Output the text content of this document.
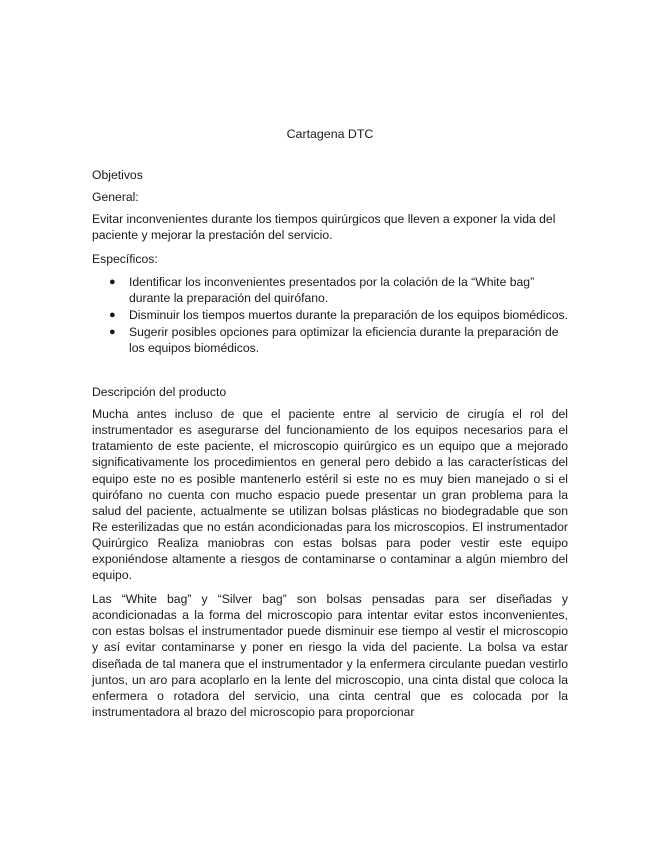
Cartagena DTC
Objetivos
General:
Evitar inconvenientes durante los tiempos quirúrgicos que lleven a exponer la vida del paciente y mejorar la prestación del servicio.
Específicos:
● Identificar los inconvenientes presentados por la colación de la “White bag” durante la preparación del quirófano.
● Disminuir los tiempos muertos durante la preparación de los equipos biomédicos.
● Sugerir posibles opciones para optimizar la eficiencia durante la preparación de los equipos biomédicos.
Descripción del producto
Mucha antes incluso de que el paciente entre al servicio de cirugía el rol del instrumentador es asegurarse del funcionamiento de los equipos necesarios para el tratamiento de este paciente, el microscopio quirúrgico es un equipo que a mejorado significativamente los procedimientos en general pero debido a las características del equipo este no es posible mantenerlo estéril si este no es muy bien manejado o si el quirófano no cuenta con mucho espacio puede presentar un gran problema para la salud del paciente, actualmente se utilizan bolsas plásticas no biodegradable que son Re esterilizadas que no están acondicionadas para los microscopios. El instrumentador Quirúrgico Realiza maniobras con estas bolsas para poder vestir este equipo exponiéndose altamente a riesgos de contaminarse o contaminar a algún miembro del equipo.
Las “White bag” y “Silver bag” son bolsas pensadas para ser diseñadas y acondicionadas a la forma del microscopio para intentar evitar estos inconvenientes, con estas bolsas el instrumentador puede disminuir ese tiempo al vestir el microscopio y así evitar contaminarse y poner en riesgo la vida del paciente. La bolsa va estar diseñada de tal manera que el instrumentador y la enfermera circulante puedan vestirlo juntos, un aro para acoplarlo en la lente del microscopio, una cinta distal que coloca la enfermera o rotadora del servicio, una cinta central que es colocada por la instrumentadora al brazo del microscopio para proporcionar
